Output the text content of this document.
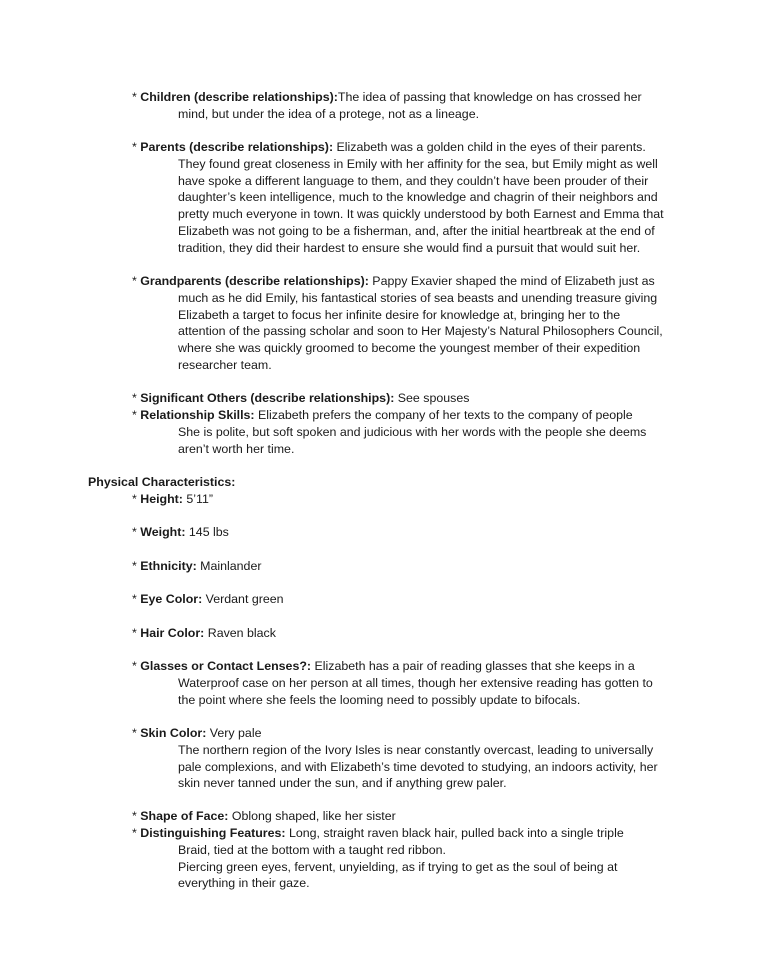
* Children (describe relationships):The idea of passing that knowledge on has crossed her
mind, but under the idea of a protege, not as a lineage.
* Parents (describe relationships): Elizabeth was a golden child in the eyes of their parents.
They found great closeness in Emily with her affinity for the sea, but Emily might as well
have spoke a different language to them, and they couldn’t have been prouder of their
daughter’s keen intelligence, much to the knowledge and chagrin of their neighbors and
pretty much everyone in town. It was quickly understood by both Earnest and Emma that
Elizabeth was not going to be a fisherman, and, after the initial heartbreak at the end of
tradition, they did their hardest to ensure she would find a pursuit that would suit her.
* Grandparents (describe relationships): Pappy Exavier shaped the mind of Elizabeth just as
much as he did Emily, his fantastical stories of sea beasts and unending treasure giving
Elizabeth a target to focus her infinite desire for knowledge at, bringing her to the
attention of the passing scholar and soon to Her Majesty’s Natural Philosophers Council,
where she was quickly groomed to become the youngest member of their expedition
researcher team.
* Significant Others (describe relationships): See spouses
* Relationship Skills: Elizabeth prefers the company of her texts to the company of people
She is polite, but soft spoken and judicious with her words with the people she deems
aren’t worth her time.
Physical Characteristics:
* Height: 5’11”
* Weight: 145 lbs
* Ethnicity: Mainlander
* Eye Color: Verdant green
* Hair Color: Raven black
* Glasses or Contact Lenses?: Elizabeth has a pair of reading glasses that she keeps in a
Waterproof case on her person at all times, though her extensive reading has gotten to
the point where she feels the looming need to possibly update to bifocals.
* Skin Color: Very pale
The northern region of the Ivory Isles is near constantly overcast, leading to universally
pale complexions, and with Elizabeth’s time devoted to studying, an indoors activity, her
skin never tanned under the sun, and if anything grew paler.
* Shape of Face: Oblong shaped, like her sister
* Distinguishing Features: Long, straight raven black hair, pulled back into a single triple
Braid, tied at the bottom with a taught red ribbon.
Piercing green eyes, fervent, unyielding, as if trying to get as the soul of being at
everything in their gaze.
